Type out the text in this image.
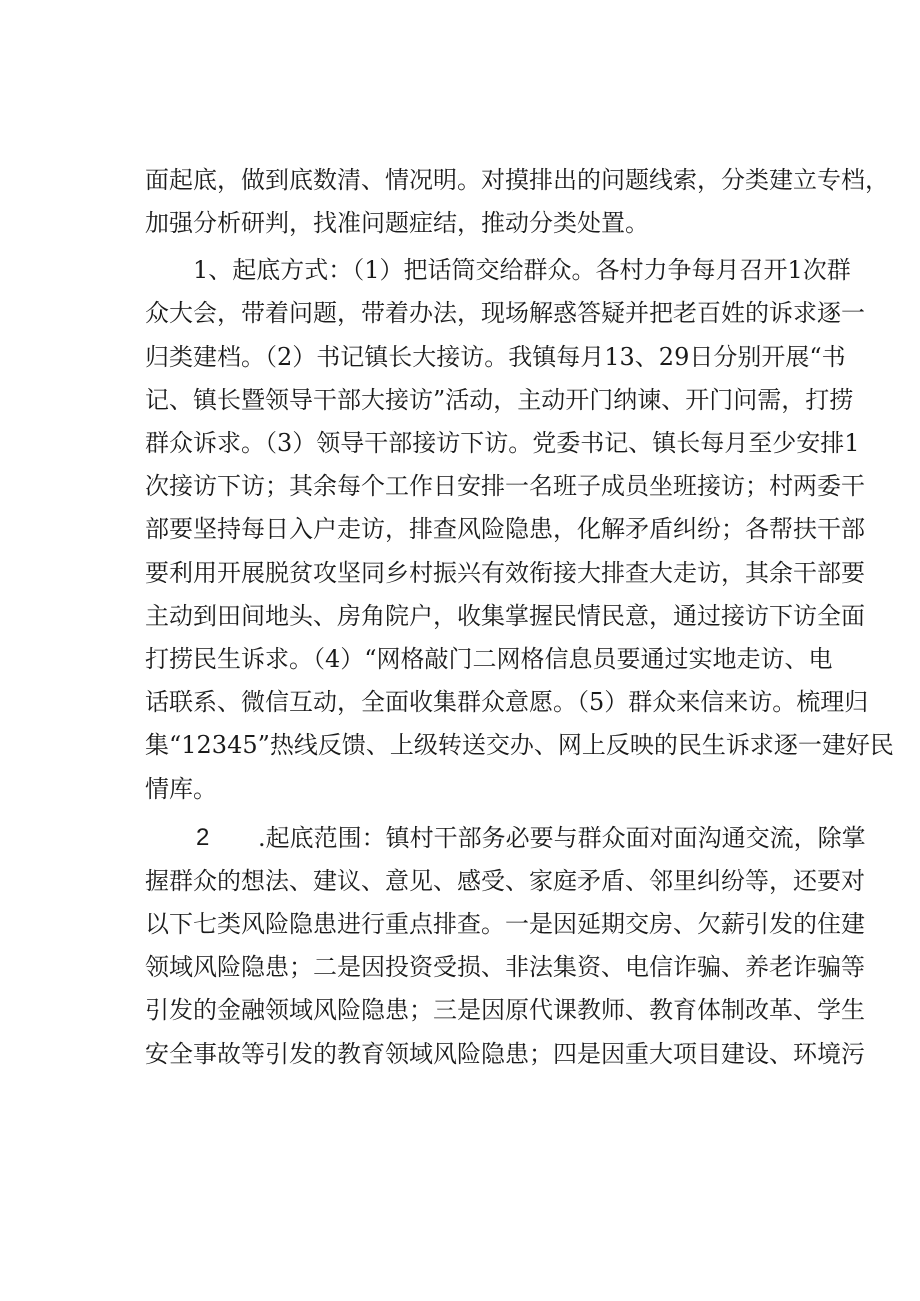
面起底，做到底数清、情况明。对摸排出的问题线索，分类建立专档，
加强分析研判，找准问题症结，推动分类处置。
1、起底方式：（1）把话筒交给群众。各村力争每月召开1次群
众大会，带着问题，带着办法，现场解惑答疑并把老百姓的诉求逐一
归类建档。（2）书记镇长大接访。我镇每月13、29日分别开展“书
记、镇长暨领导干部大接访”活动，主动开门纳谏、开门问需，打捞
群众诉求。（3）领导干部接访下访。党委书记、镇长每月至少安排1
次接访下访；其余每个工作日安排一名班子成员坐班接访；村两委干
部要坚持每日入户走访，排查风险隐患，化解矛盾纠纷；各帮扶干部
要利用开展脱贫攻坚同乡村振兴有效衔接大排查大走访，其余干部要
主动到田间地头、房角院户，收集掌握民情民意，通过接访下访全面
打捞民生诉求。（4）“网格敲门二网格信息员要通过实地走访、电
话联系、微信互动，全面收集群众意愿。（5）群众来信来访。梳理归
集“12345”热线反馈、上级转送交办、网上反映的民生诉求逐一建好民
情库。
2 .起底范围：镇村干部务必要与群众面对面沟通交流，除掌
握群众的想法、建议、意见、感受、家庭矛盾、邻里纠纷等，还要对
以下七类风险隐患进行重点排查。一是因延期交房、欠薪引发的住建
领域风险隐患；二是因投资受损、非法集资、电信诈骗、养老诈骗等
引发的金融领域风险隐患；三是因原代课教师、教育体制改革、学生
安全事故等引发的教育领域风险隐患；四是因重大项目建设、环境污
